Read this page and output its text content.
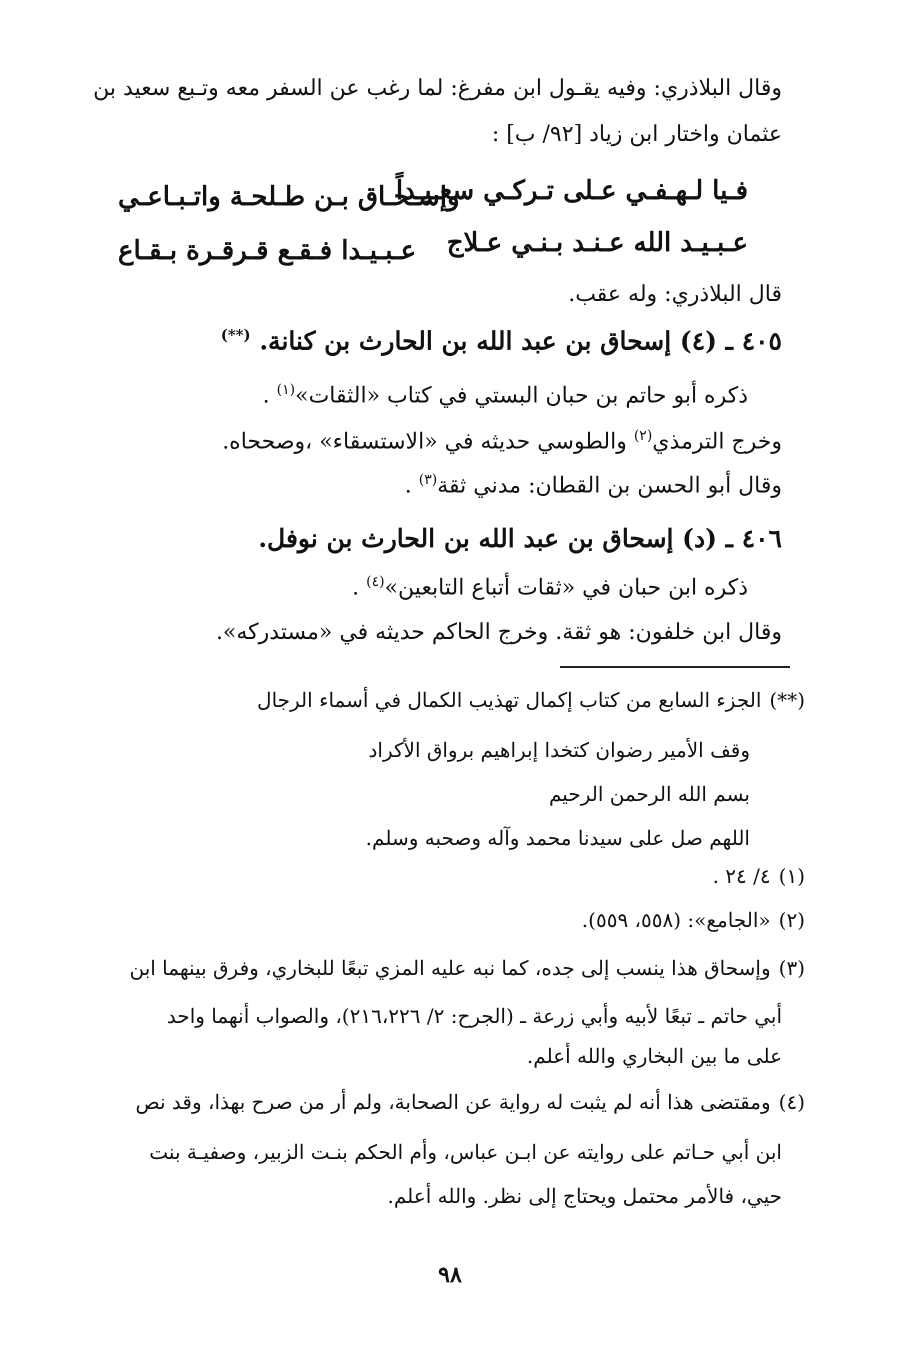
وقال البلاذري: وفيه يقـول ابن مفرغ: لما رغب عن السفر معه وتـبع سعيد بن
عثمان واختار ابن زياد [٩٢/ ب] :
فـيا لـهـفـي عـلى تـركـي سعـيـداً
وإسـحـاق بـن طـلحـة واتـبـاعـي
عـبـيـد الله عـنـد بـنـي عـلاج
عـبـيـدا فـقـع قـرقـرة بـقـاع
قال البلاذري: وله عقب.
٤٠٥ ـ (٤) إسحاق بن عبد الله بن الحارث بن كنانة. (**)
ذكره أبو حاتم بن حبان البستي في كتاب «الثقات»$^{(١)}$ .
وخرج الترمذي$^{(٢)}$ والطوسي حديثه في «الاستسقاء» ،وصححاه.
وقال أبو الحسن بن القطان: مدني ثقة$^{(٣)}$ .
٤٠٦ ـ (د) إسحاق بن عبد الله بن الحارث بن نوفل.
ذكره ابن حبان في «ثقات أتباع التابعين»$^{(٤)}$ .
وقال ابن خلفون: هو ثقة. وخرج الحاكم حديثه في «مستدركه».
(**)الجزء السابع من كتاب إكمال تهذيب الكمال في أسماء الرجال
وقف الأمير رضوان كتخدا إبراهيم برواق الأكراد
بسم الله الرحمن الرحيم
اللهم صل على سيدنا محمد وآله وصحبه وسلم.
(١)٤/ ٢٤ .
(٢)«الجامع»: (٥٥٨، ٥٥٩).
(٣)وإسحاق هذا ينسب إلى جده، كما نبه عليه المزي تبعًا للبخاري، وفرق بينهما ابن
أبي حاتم ـ تبعًا لأبيه وأبي زرعة ـ (الجرح: ٢/ ٢١٦،٢٢٦)، والصواب أنهما واحد
على ما بين البخاري والله أعلم.
(٤)ومقتضى هذا أنه لم يثبت له رواية عن الصحابة، ولم أر من صرح بهذا، وقد نص
ابن أبي حـاتم على روايته عن ابـن عباس، وأم الحكم بنـت الزبير، وصفيـة بنت
حيي، فالأمر محتمل ويحتاج إلى نظر. والله أعلم.
٩٨
